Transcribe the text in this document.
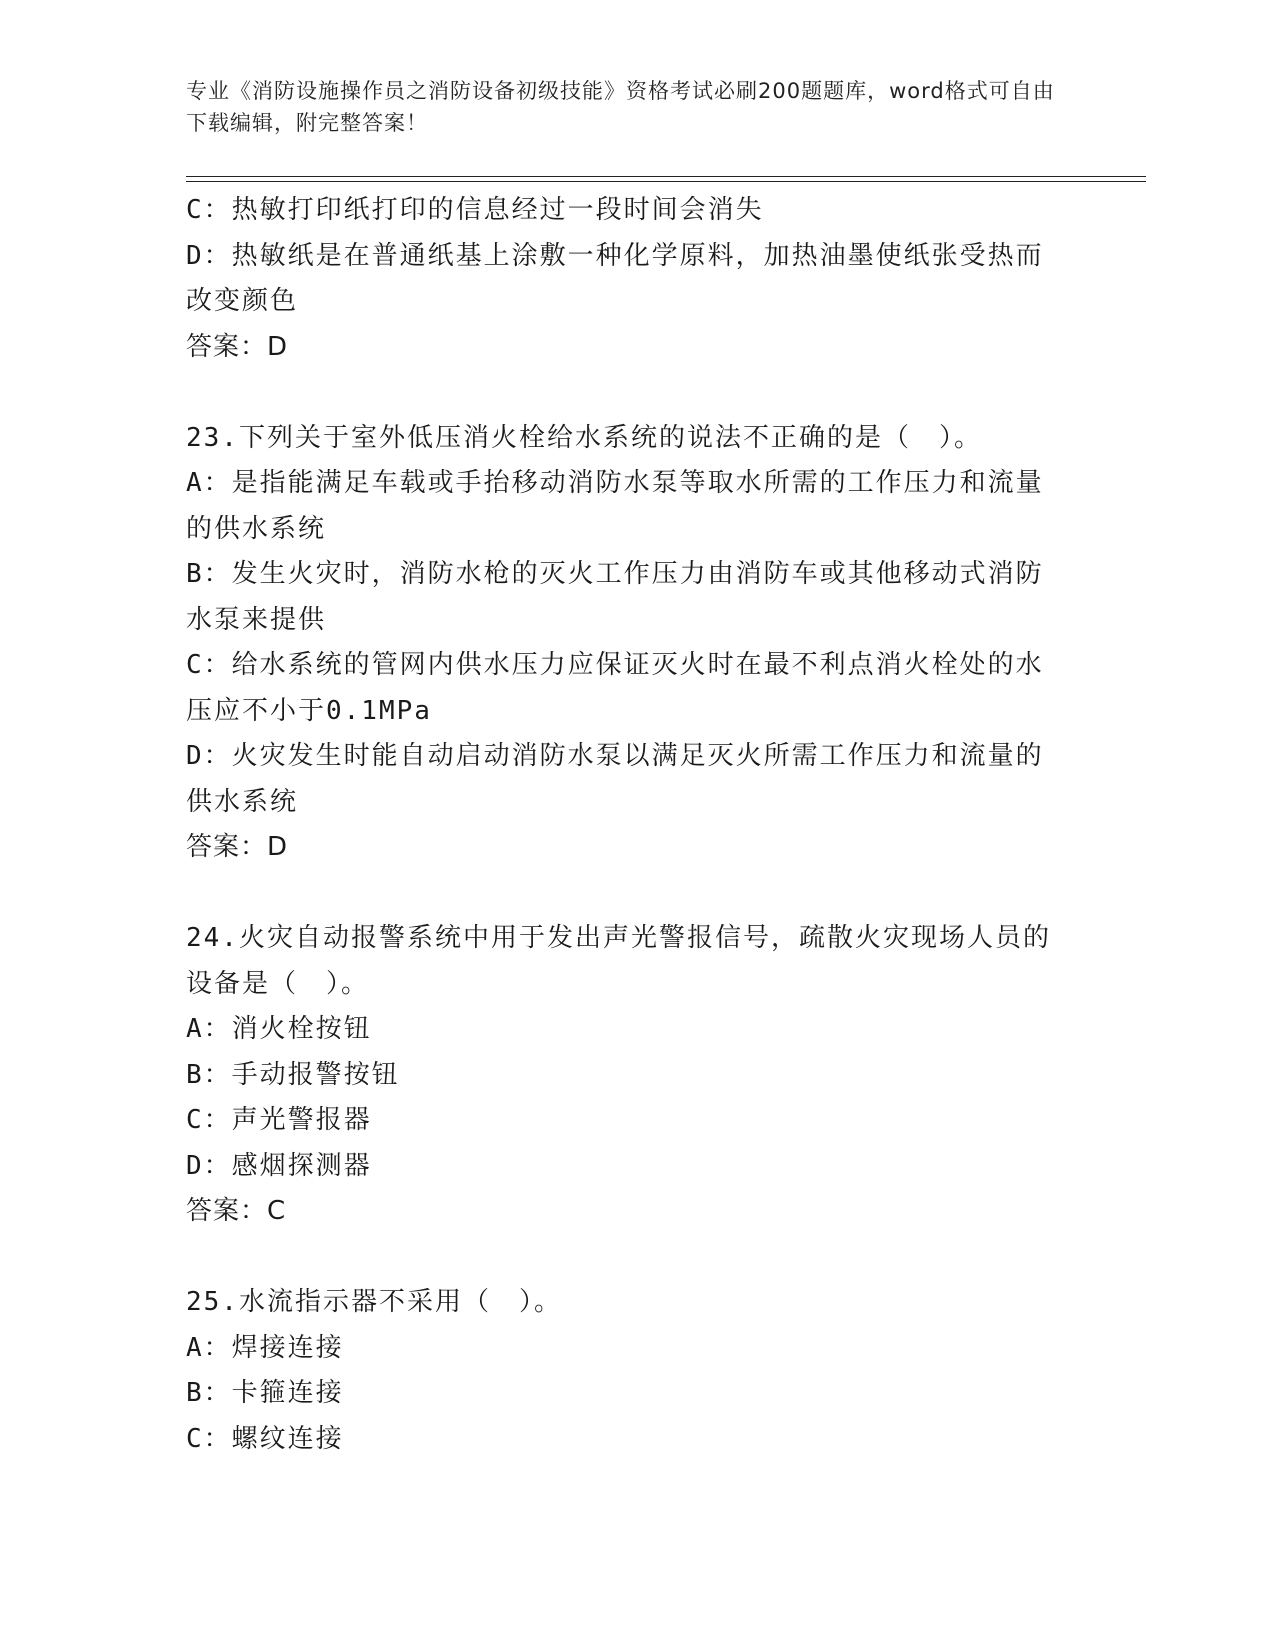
专业《消防设施操作员之消防设备初级技能》资格考试必刷200题题库，word格式可自由下载编辑，附完整答案！
C：热敏打印纸打印的信息经过一段时间会消失
D：热敏纸是在普通纸基上涂敷一种化学原料，加热油墨使纸张受热而改变颜色
答案：D
23.下列关于室外低压消火栓给水系统的说法不正确的是（　）。
A：是指能满足车载或手抬移动消防水泵等取水所需的工作压力和流量的供水系统
B：发生火灾时，消防水枪的灭火工作压力由消防车或其他移动式消防水泵来提供
C：给水系统的管网内供水压力应保证灭火时在最不利点消火栓处的水压应不小于0.1MPa
D：火灾发生时能自动启动消防水泵以满足灭火所需工作压力和流量的供水系统
答案：D
24.火灾自动报警系统中用于发出声光警报信号，疏散火灾现场人员的设备是（　）。
A：消火栓按钮
B：手动报警按钮
C：声光警报器
D：感烟探测器
答案：C
25.水流指示器不采用（　）。
A：焊接连接
B：卡箍连接
C：螺纹连接
